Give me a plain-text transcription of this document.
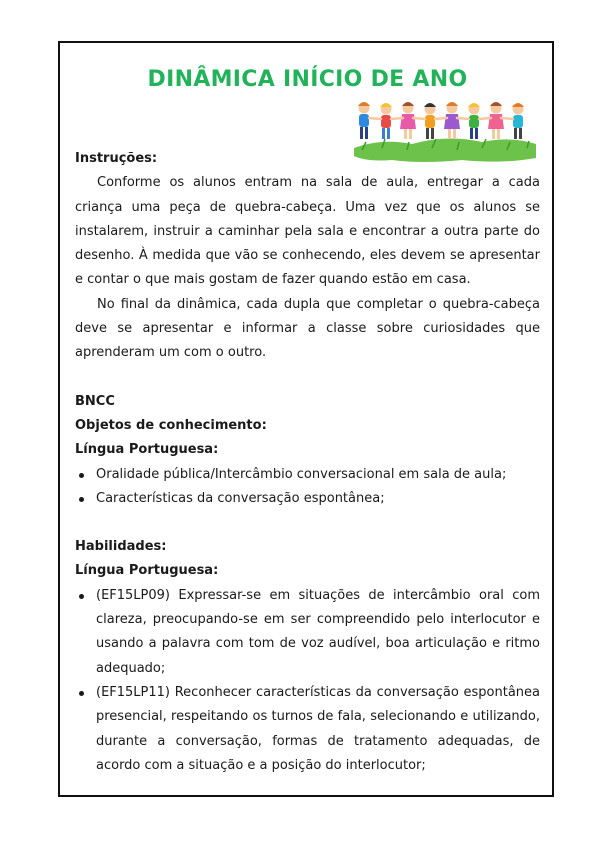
DINÂMICA INÍCIO DE ANO

Instruções:

Conforme os alunos entram na sala de aula, entregar a cada criança uma peça de quebra-cabeça. Uma vez que os alunos se instalarem, instruir a caminhar pela sala e encontrar a outra parte do desenho. À medida que vão se conhecendo, eles devem se apresentar e contar o que mais gostam de fazer quando estão em casa.

No final da dinâmica, cada dupla que completar o quebra-cabeça deve se apresentar e informar a classe sobre curiosidades que aprenderam um com o outro.

BNCC

Objetos de conhecimento:

Língua Portuguesa:

Oralidade pública/Intercâmbio conversacional em sala de aula;
Características da conversação espontânea;

Habilidades:

Língua Portuguesa:

(EF15LP09) Expressar-se em situações de intercâmbio oral com clareza, preocupando-se em ser compreendido pelo interlocutor e usando a palavra com tom de voz audível, boa articulação e ritmo adequado;
(EF15LP11) Reconhecer características da conversação espontânea presencial, respeitando os turnos de fala, selecionando e utilizando, durante a conversação, formas de tratamento adequadas, de acordo com a situação e a posição do interlocutor;
